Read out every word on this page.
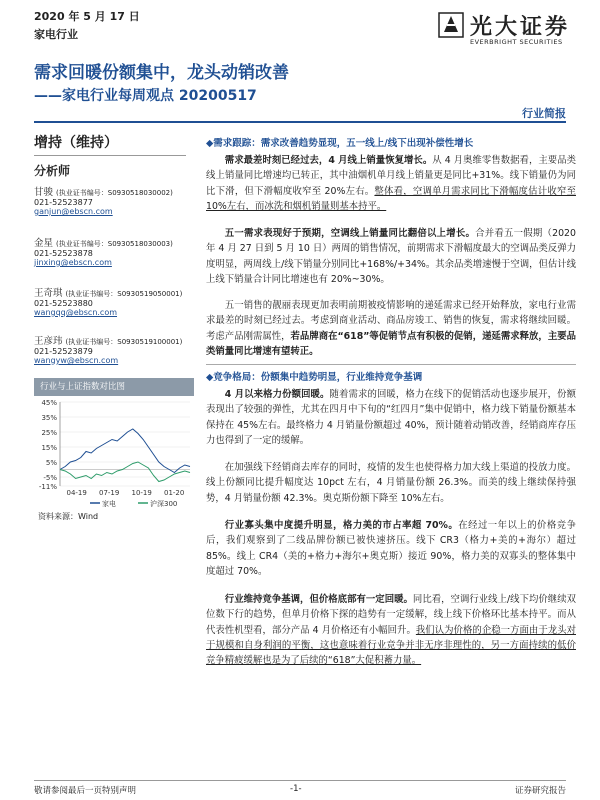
2020 年 5 月 17 日
家电行业	光大证券
EVERBRIGHT SECURITIES
需求回暖份额集中，龙头动销改善
——家电行业每周观点 20200517
行业简报
增持（维持）
分析师
甘骏 (执业证书编号：S0930518030002)
021-52523877
ganjun@ebscn.com
金星 (执业证书编号：S0930518030003)
021-52523878
jinxing@ebscn.com
王奇琪 (执业证书编号：S0930519050001)
021-52523880
wangqq@ebscn.com
王彦玮 (执业证书编号：S0930519100001)
021-52523879
wangyw@ebscn.com
行业与上证指数对比图
45%
35%
25%
15%
5%
-5%
-11%
04-19 07-19 10-19 01-20
家电	沪深300
资料来源：Wind
◆需求跟踪：需求改善趋势显现，五一线上/线下出现补偿性增长
需求最差时刻已经过去，4 月线上销量恢复增长。从 4 月奥维零售数据看，主要品类线上销量同比增速均已转正，其中油烟机单月线上销量更是同比+31%。线下销量仍为同比下滑，但下滑幅度收窄至 20%左右。整体看，空调单月需求同比下滑幅度估计收窄至 10%左右，而冰洗和烟机销量则基本持平。
五一需求表现好于预期，空调线上销量同比翻倍以上增长。合并看五一假期（2020 年 4 月 27 日到 5 月 10 日）两周的销售情况，前期需求下滑幅度最大的空调品类反弹力度明显，两周线上/线下销量分别同比+168%/+34%。其余品类增速慢于空调，但估计线上线下销量合计同比增速也有 20%~30%。
五一销售的靓丽表现更加表明前期被疫情影响的递延需求已经开始释放，家电行业需求最差的时刻已经过去。考虑到商业活动、商品房竣工、销售的恢复，需求将继续回暖。考虑产品刚需属性，若品牌商在“618”等促销节点有积极的促销，递延需求释放，主要品类销量同比增速有望转正。
◆竞争格局：份额集中趋势明显，行业维持竞争基调
4 月以来格力份额回暖。随着需求的回暖，格力在线下的促销活动也逐步展开，份额表现出了较强的弹性，尤其在四月中下旬的“红四月”集中促销中，格力线下销量份额基本保持在 45%左右。最终格力 4 月销量份额超过 40%，预计随着动销改善，经销商库存压力也得到了一定的缓解。
在加强线下经销商去库存的同时，疫情的发生也使得格力加大线上渠道的投放力度。线上份额同比提升幅度达 10pct 左右，4 月销量份额 26.3%。而美的线上继续保持强势，4 月销量份额 42.3%。奥克斯份额下降至 10%左右。
行业寡头集中度提升明显，格力美的市占率超 70%。在经过一年以上的价格竞争后，我们观察到了二线品牌份额已被快速挤压。线下 CR3（格力+美的+海尔）超过 85%。线上 CR4（美的+格力+海尔+奥克斯）接近 90%，格力美的双寡头的整体集中度超过 70%。
行业维持竞争基调，但价格底部有一定回暖。同比看，空调行业线上/线下均价继续双位数下行的趋势，但单月价格下探的趋势有一定缓解，线上线下价格环比基本持平。而从代表性机型看，部分产品 4 月价格还有小幅回升。我们认为价格的企稳一方面由于龙头对于规模和自身利润的平衡，这也意味着行业竞争并非无序非理性的，另一方面持续的低价竞争精疲缓解也是为了后续的“618”大促积蓄力量。
敬请参阅最后一页特别声明	-1-	证券研究报告
